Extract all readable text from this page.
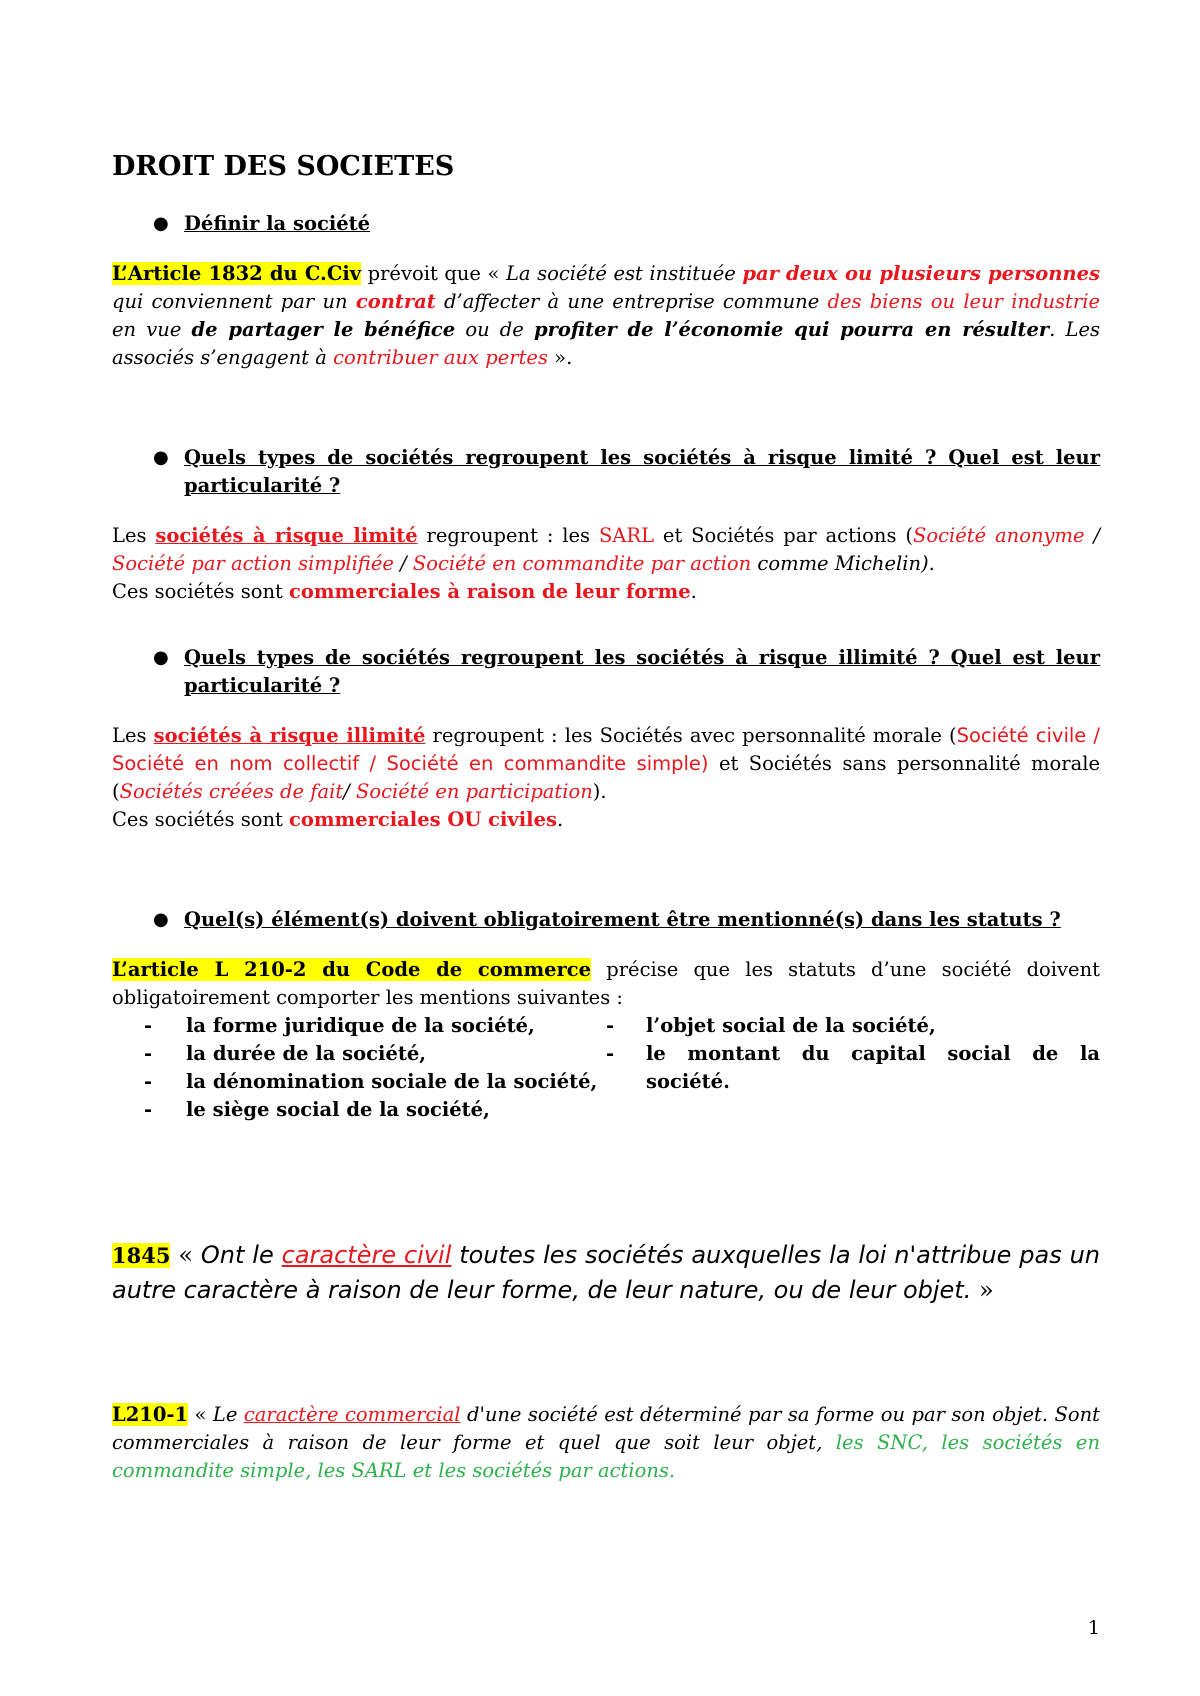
DROIT DES SOCIETES
● Définir la société
L’Article 1832 du C.Civ prévoit que « La société est instituée par deux ou plusieurs personnes qui conviennent par un contrat d’affecter à une entreprise commune des biens ou leur industrie en vue de partager le bénéfice ou de profiter de l’économie qui pourra en résulter. Les associés s’engagent à contribuer aux pertes ».
● Quels types de sociétés regroupent les sociétés à risque limité ? Quel est leur particularité ?
Les sociétés à risque limité regroupent : les SARL et Sociétés par actions (Société anonyme / Société par action simplifiée / Société en commandite par action comme Michelin).
Ces sociétés sont commerciales à raison de leur forme.
● Quels types de sociétés regroupent les sociétés à risque illimité ? Quel est leur particularité ?
Les sociétés à risque illimité regroupent : les Sociétés avec personnalité morale (Société civile / Société en nom collectif / Société en commandite simple) et Sociétés sans personnalité morale (Sociétés créées de fait/ Société en participation).
Ces sociétés sont commerciales OU civiles.
● Quel(s) élément(s) doivent obligatoirement être mentionné(s) dans les statuts ?
L’article L 210-2 du Code de commerce précise que les statuts d’une société doivent obligatoirement comporter les mentions suivantes :
- la forme juridique de la société,
- la durée de la société,
- la dénomination sociale de la société,
- le siège social de la société,
- l’objet social de la société,
- le montant du capital social de la société.
1845 « Ont le caractère civil toutes les sociétés auxquelles la loi n'attribue pas un autre caractère à raison de leur forme, de leur nature, ou de leur objet. »
L210-1 « Le caractère commercial d'une société est déterminé par sa forme ou par son objet. Sont commerciales à raison de leur forme et quel que soit leur objet, les SNC, les sociétés en commandite simple, les SARL et les sociétés par actions.
1
